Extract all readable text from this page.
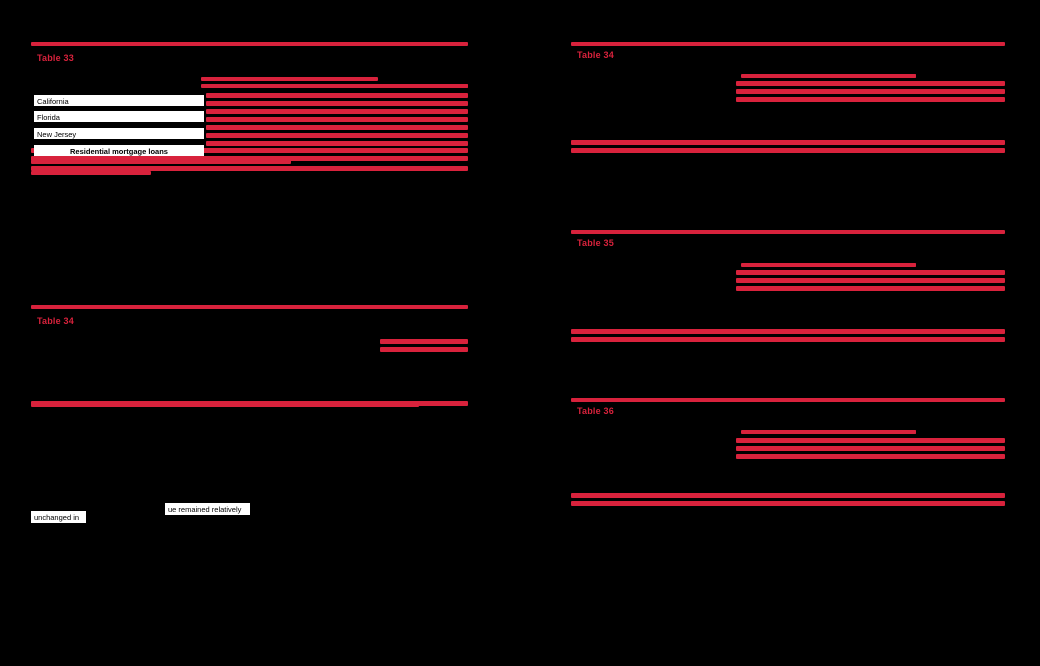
Table 33
California
Florida
New Jersey
Residential mortgage loans
Table 34
ue remained relatively
unchanged in
Table 34
Table 35
Table 36
